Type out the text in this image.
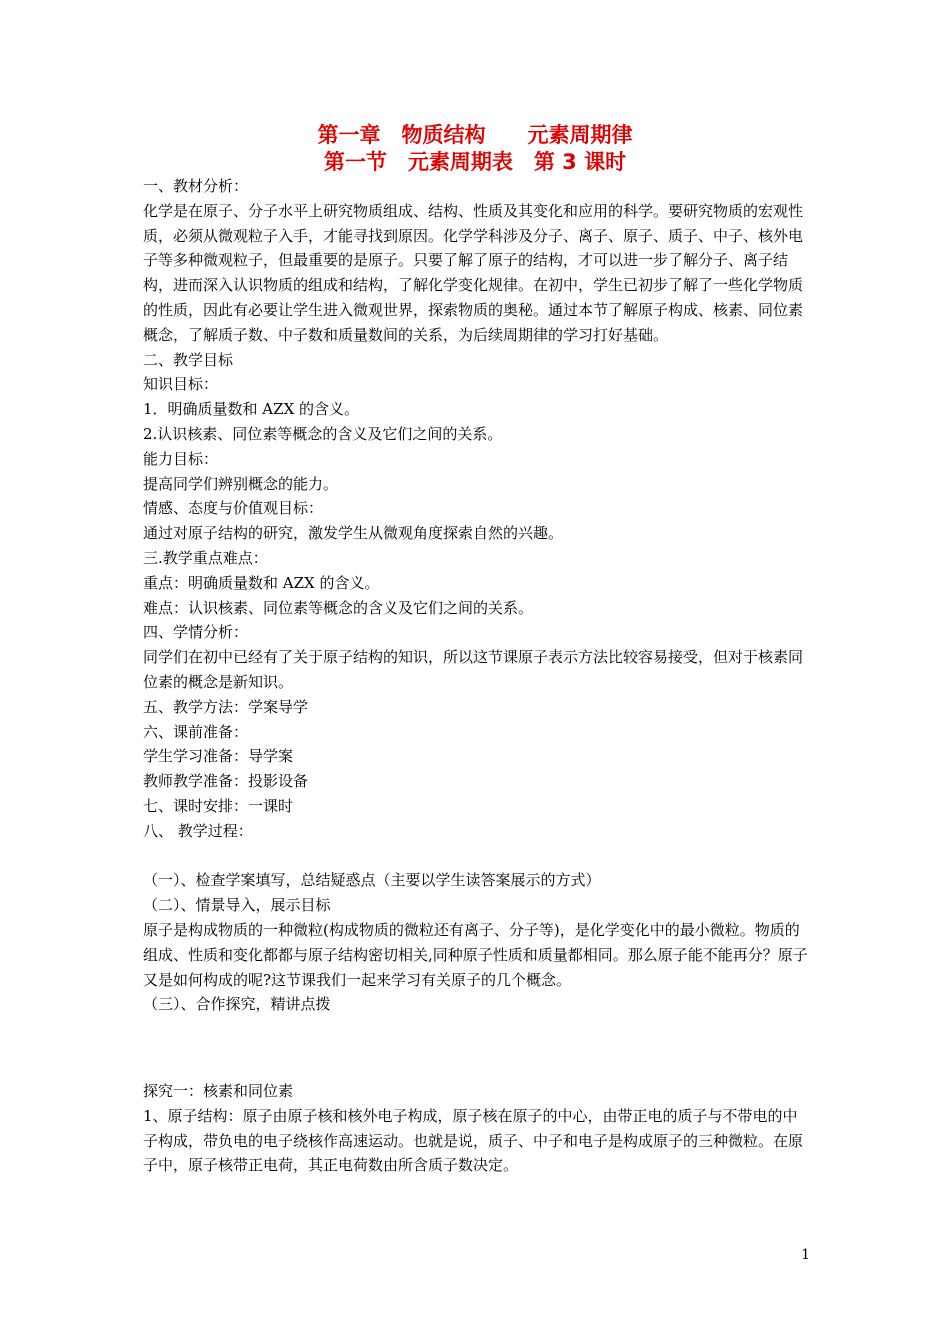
第一章　物质结构　　元素周期律
第一节　元素周期表　第 3 课时

一、教材分析：

化学是在原子、分子水平上研究物质组成、结构、性质及其变化和应用的科学。要研究物质的宏观性质，必须从微观粒子入手，才能寻找到原因。化学学科涉及分子、离子、原子、质子、中子、核外电子等多种微观粒子，但最重要的是原子。只要了解了原子的结构，才可以进一步了解分子、离子结构，进而深入认识物质的组成和结构，了解化学变化规律。在初中，学生已初步了解了一些化学物质的性质，因此有必要让学生进入微观世界，探索物质的奥秘。通过本节了解原子构成、核素、同位素概念，了解质子数、中子数和质量数间的关系，为后续周期律的学习打好基础。

二、教学目标

知识目标：

1．明确质量数和 AZX 的含义。

2.认识核素、同位素等概念的含义及它们之间的关系。

能力目标：

提高同学们辨别概念的能力。

情感、态度与价值观目标：

通过对原子结构的研究，激发学生从微观角度探索自然的兴趣。

三.教学重点难点：

重点：明确质量数和 AZX 的含义。

难点：认识核素、同位素等概念的含义及它们之间的关系。

四、学情分析：

同学们在初中已经有了关于原子结构的知识，所以这节课原子表示方法比较容易接受，但对于核素同位素的概念是新知识。

五、教学方法：学案导学

六、课前准备：

学生学习准备：导学案

教师教学准备：投影设备

七、课时安排：一课时

八、 教学过程：

（一）、检查学案填写，总结疑惑点（主要以学生读答案展示的方式）

（二）、情景导入，展示目标

原子是构成物质的一种微粒(构成物质的微粒还有离子、分子等)，是化学变化中的最小微粒。物质的组成、性质和变化都都与原子结构密切相关,同种原子性质和质量都相同。那么原子能不能再分？原子又是如何构成的呢?这节课我们一起来学习有关原子的几个概念。

（三）、合作探究，精讲点拨

探究一：核素和同位素

1、原子结构：原子由原子核和核外电子构成，原子核在原子的中心，由带正电的质子与不带电的中子构成，带负电的电子绕核作高速运动。也就是说，质子、中子和电子是构成原子的三种微粒。在原子中，原子核带正电荷，其正电荷数由所含质子数决定。

1
